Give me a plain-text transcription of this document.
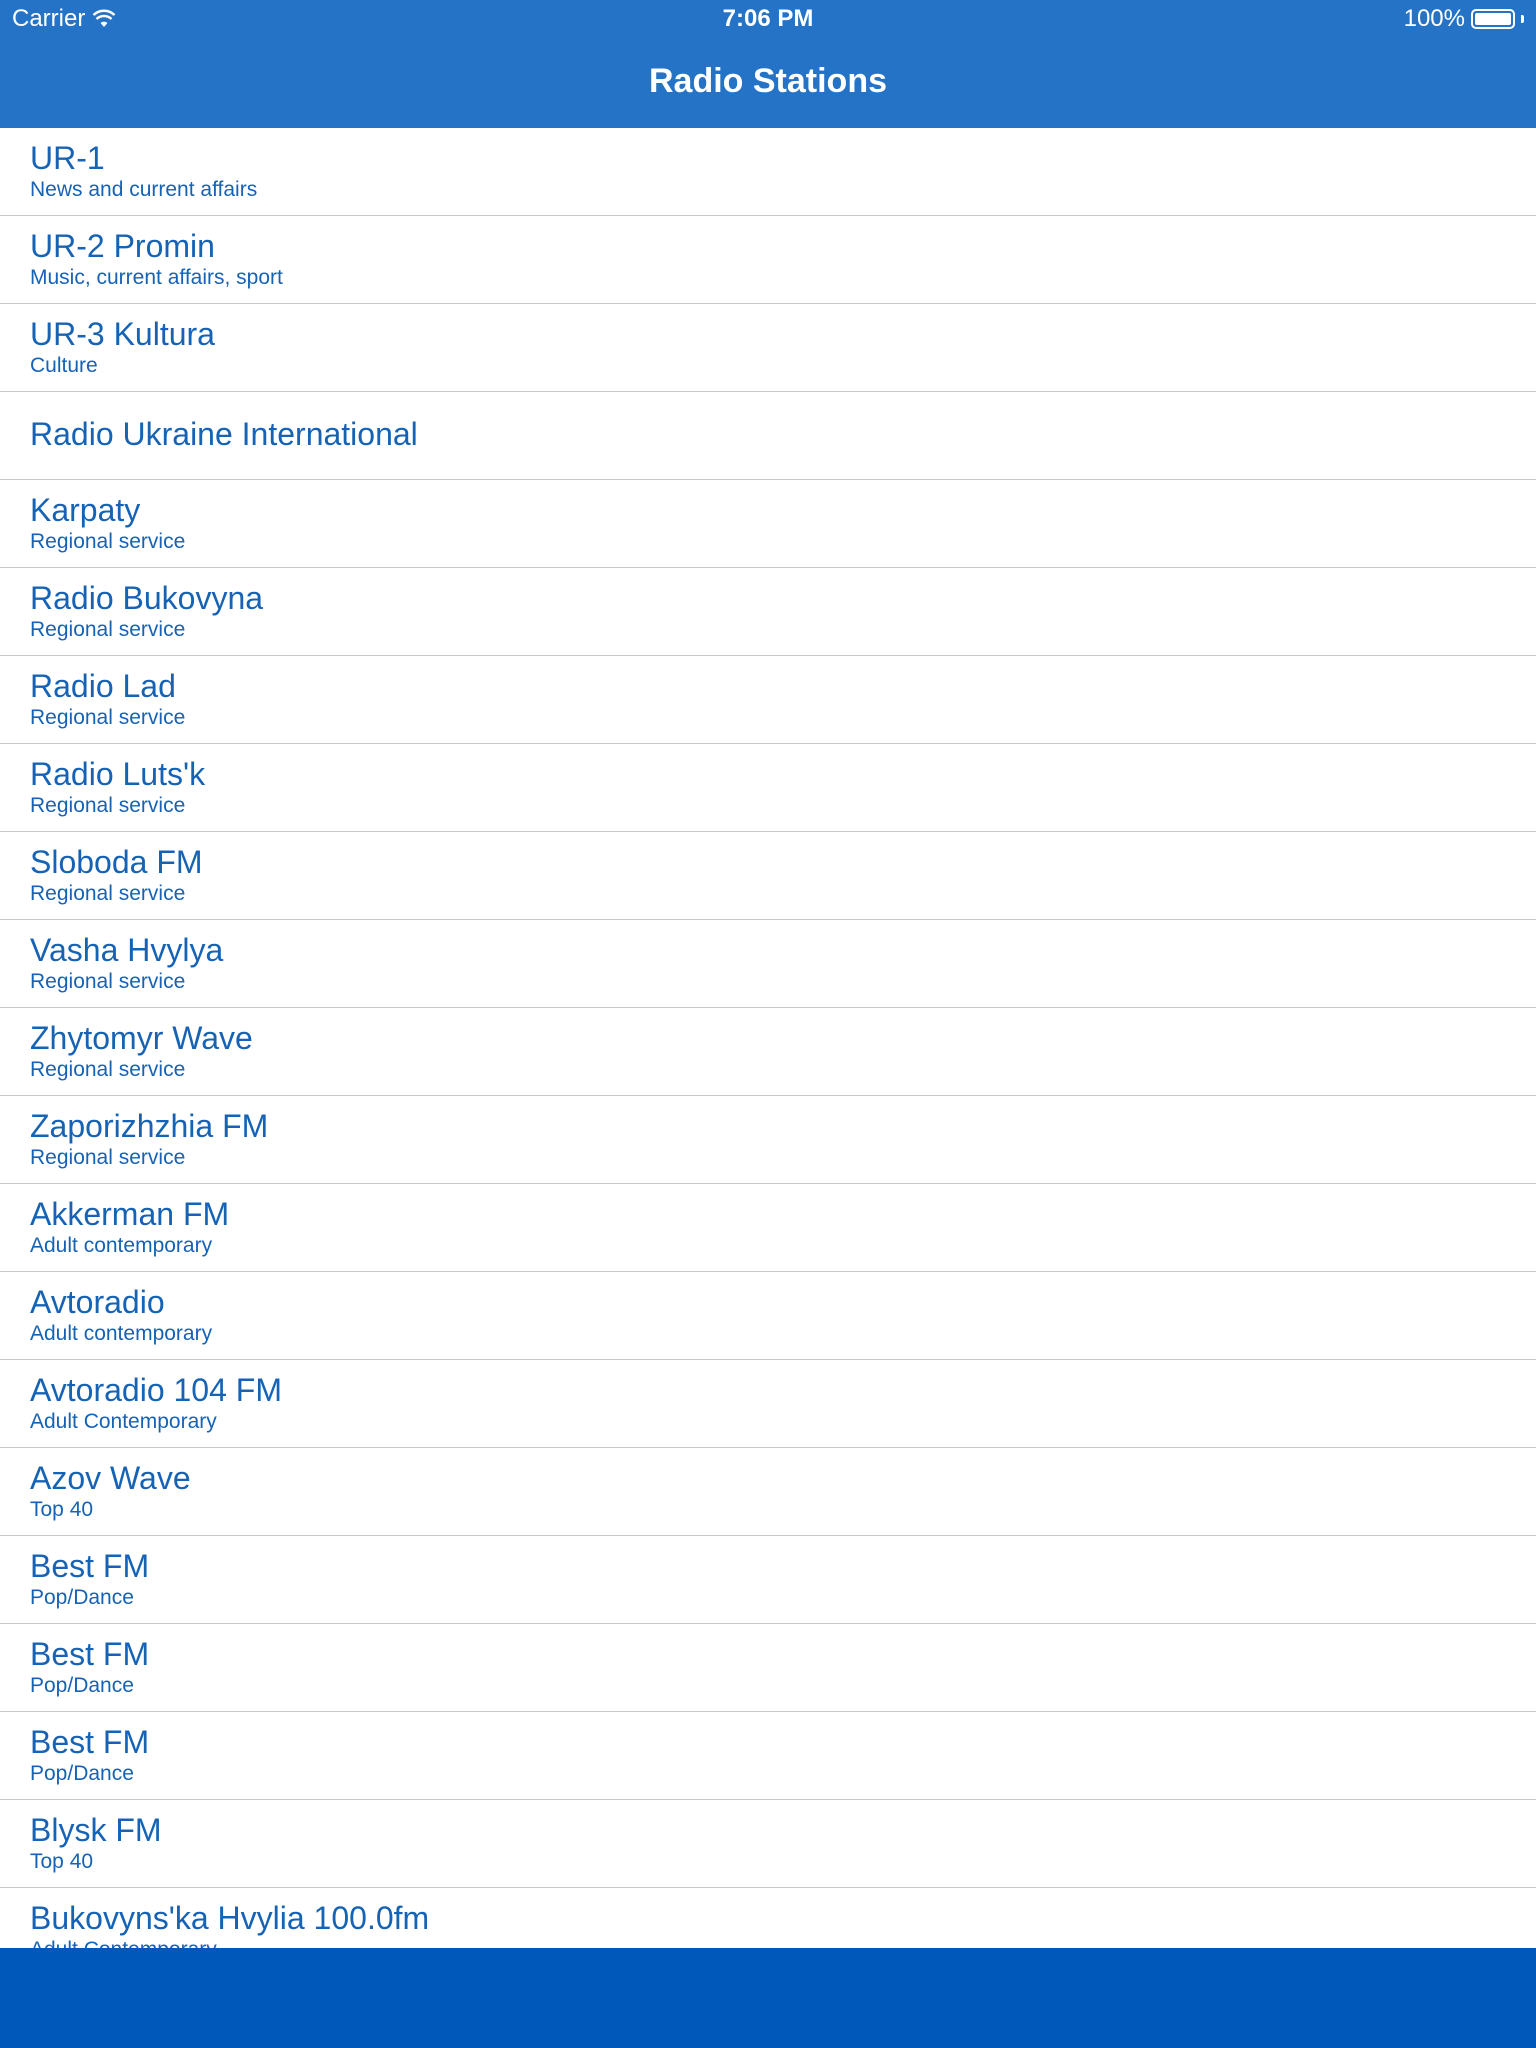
Carrier	7:06 PM	100%
Radio Stations
UR-1
News and current affairs
UR-2 Promin
Music, current affairs, sport
UR-3 Kultura
Culture
Radio Ukraine International
Karpaty
Regional service
Radio Bukovyna
Regional service
Radio Lad
Regional service
Radio Luts'k
Regional service
Sloboda FM
Regional service
Vasha Hvylya
Regional service
Zhytomyr Wave
Regional service
Zaporizhzhia FM
Regional service
Akkerman FM
Adult contemporary
Avtoradio
Adult contemporary
Avtoradio 104 FM
Adult Contemporary
Azov Wave
Top 40
Best FM
Pop/Dance
Best FM
Pop/Dance
Best FM
Pop/Dance
Blysk FM
Top 40
Bukovyns'ka Hvylia 100.0fm
